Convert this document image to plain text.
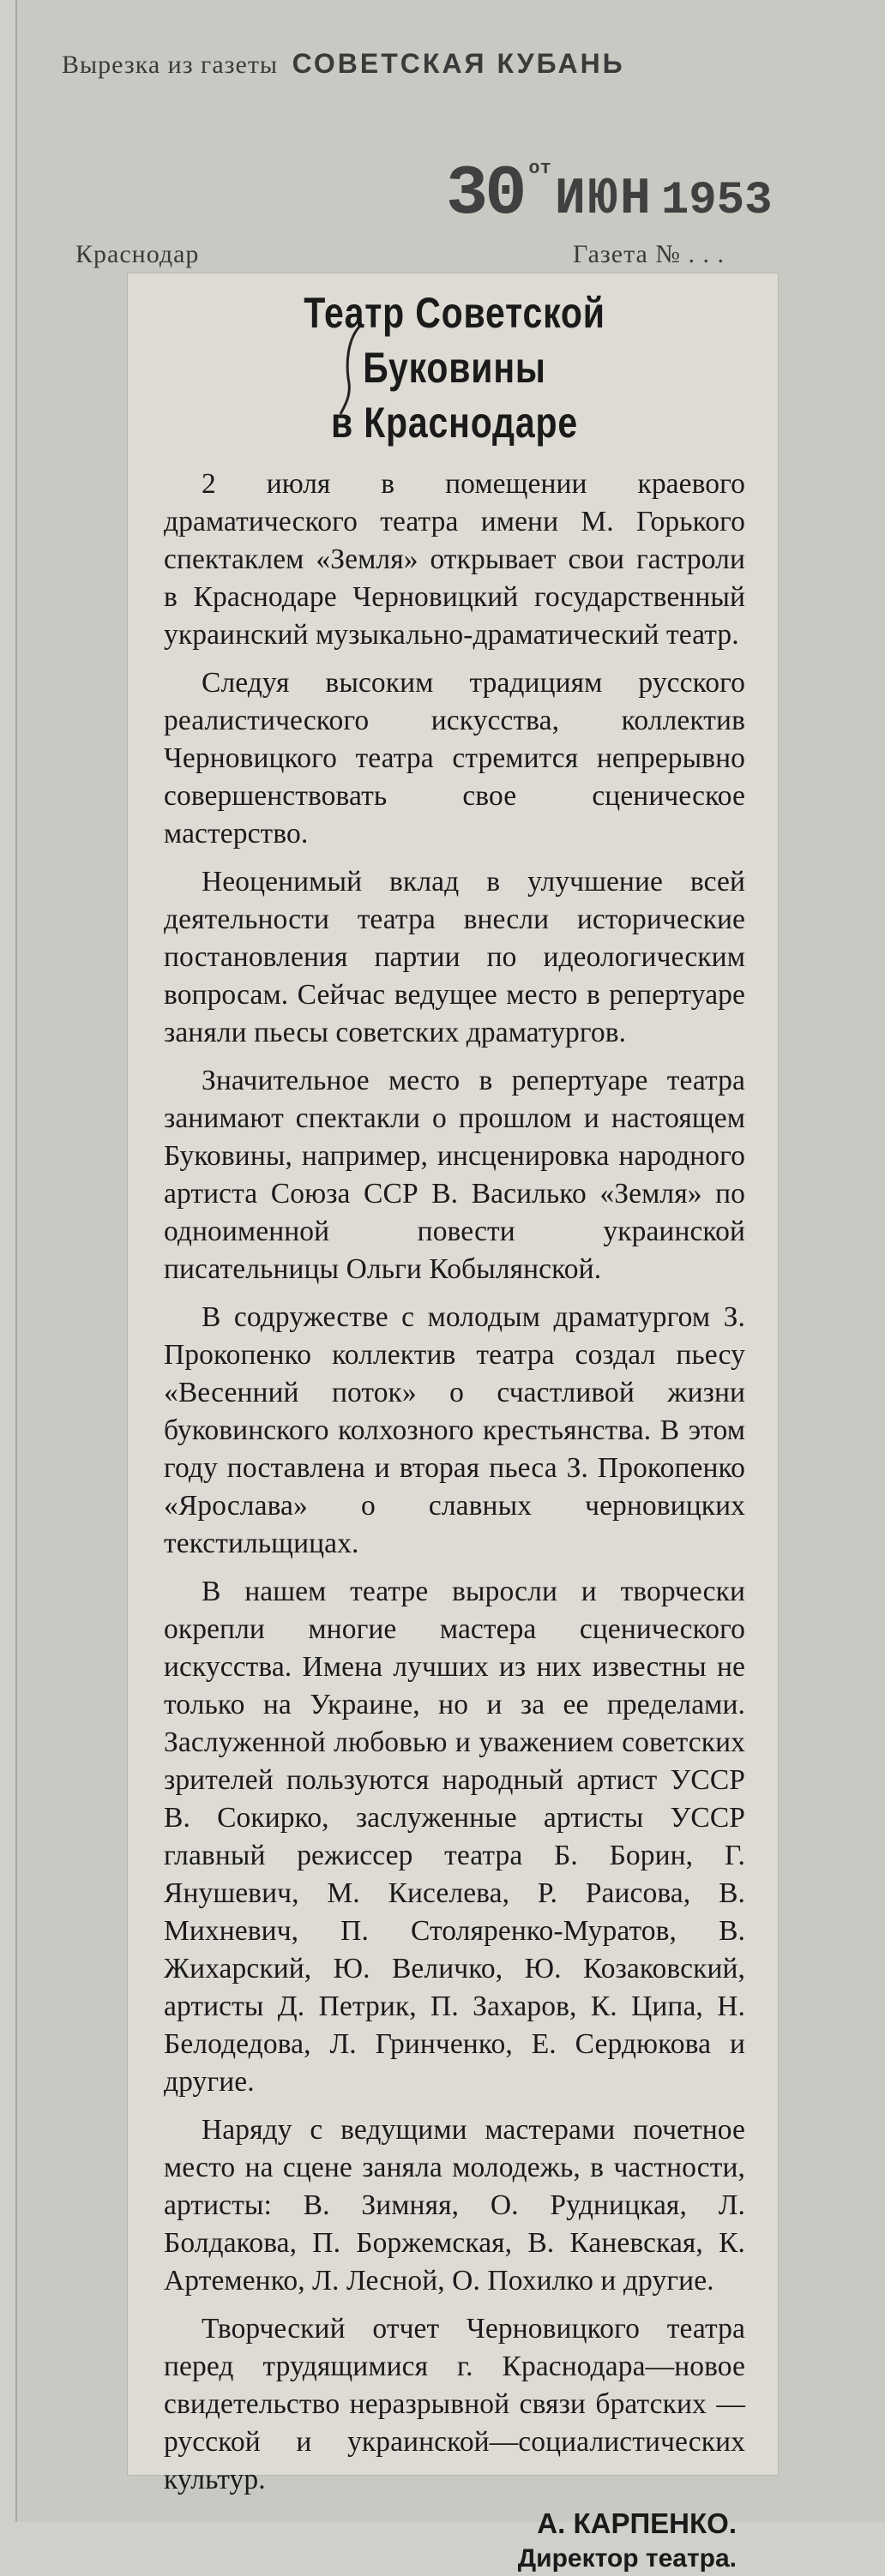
Вырезка из газеты СОВЕТСКАЯ КУБАНЬ
30 отИЮН 1953
Краснодар	Газета № . . .
Театр Советской Буковины
в Краснодаре

2 июля в помещении краевого драматического театра имени М. Горького спектаклем «Земля» открывает свои гастроли в Краснодаре Черновицкий государственный украинский музыкально-драматический театр.

Следуя высоким традициям русского реалистического искусства, коллектив Черновицкого театра стремится непрерывно совершенствовать свое сценическое мастерство.

Неоценимый вклад в улучшение всей деятельности театра внесли исторические постановления партии по идеологическим вопросам. Сейчас ведущее место в репертуаре заняли пьесы советских драматургов.

Значительное место в репертуаре театра занимают спектакли о прошлом и настоящем Буковины, например, инсценировка народного артиста Союза ССР В. Василько «Земля» по одноименной повести украинской писательницы Ольги Кобылянской.

В содружестве с молодым драматургом З. Прокопенко коллектив театра создал пьесу «Весенний поток» о счастливой жизни буковинского колхозного крестьянства. В этом году поставлена и вторая пьеса З. Прокопенко «Ярослава» о славных черновицких текстильщицах.

В нашем театре выросли и творчески окрепли многие мастера сценического искусства. Имена лучших из них известны не только на Украине, но и за ее пределами. Заслуженной любовью и уважением советских зрителей пользуются народный артист УССР В. Сокирко, заслуженные артисты УССР главный режиссер театра Б. Борин, Г. Янушевич, М. Киселева, Р. Раисова, В. Михневич, П. Столяренко-Муратов, В. Жихарский, Ю. Величко, Ю. Козаковский, артисты Д. Петрик, П. Захаров, К. Ципа, Н. Белодедова, Л. Гринченко, Е. Сердюкова и другие.

Наряду с ведущими мастерами почетное место на сцене заняла молодежь, в частности, артисты: В. Зимняя, О. Рудницкая, Л. Болдакова, П. Боржемская, В. Каневская, К. Артеменко, Л. Лесной, О. Похилко и другие.

Творческий отчет Черновицкого театра перед трудящимися г. Краснодара—новое свидетельство неразрывной связи братских — русской и украинской—социалистических культур.

А. КАРПЕНКО.
Директор театра.
